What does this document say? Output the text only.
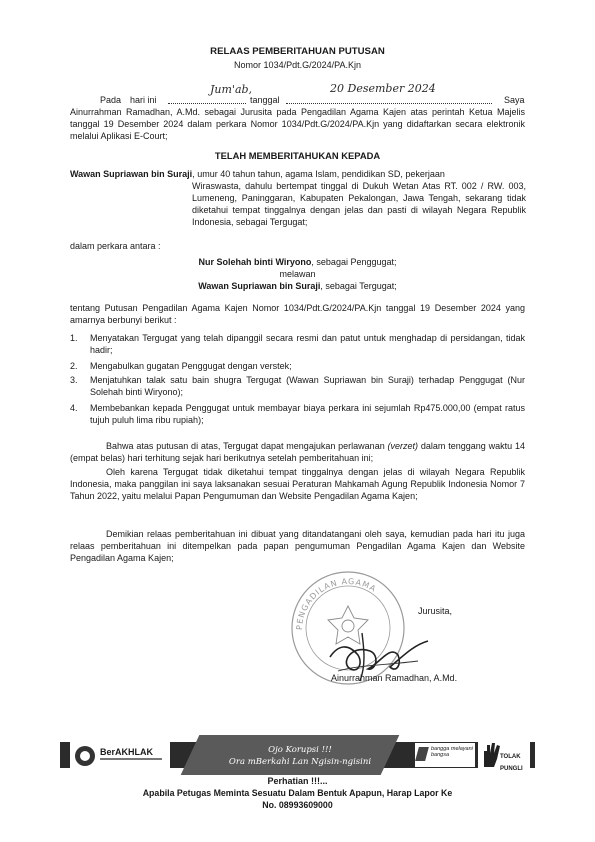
RELAAS PEMBERITAHUAN PUTUSAN
Nomor 1034/Pdt.G/2024/PA.Kjn
Pada hari ini
Jum'ab,
tanggal
20 Desember 2024
Saya
Ainurrahman Ramadhan, A.Md. sebagai Jurusita pada Pengadilan Agama Kajen atas perintah Ketua Majelis tanggal 19 Desember 2024 dalam perkara Nomor 1034/Pdt.G/2024/PA.Kjn yang didaftarkan secara elektronik melalui Aplikasi E-Court;
TELAH MEMBERITAHUKAN KEPADA
Wawan Supriawan bin Suraji, umur 40 tahun tahun, agama Islam, pendidikan SD, pekerjaan
Wiraswasta, dahulu bertempat tinggal di Dukuh Wetan Atas RT. 002 / RW. 003, Lumeneng, Paninggaran, Kabupaten Pekalongan, Jawa Tengah, sekarang tidak diketahui tempat tinggalnya dengan jelas dan pasti di wilayah Negara Republik Indonesia, sebagai Tergugat;
dalam perkara antara :
Nur Solehah binti Wiryono, sebagai Penggugat;
melawan
Wawan Supriawan bin Suraji, sebagai Tergugat;
tentang Putusan Pengadilan Agama Kajen Nomor 1034/Pdt.G/2024/PA.Kjn tanggal 19 Desember 2024 yang amarnya berbunyi berikut :
1. Menyatakan Tergugat yang telah dipanggil secara resmi dan patut untuk menghadap di persidangan, tidak hadir;
2. Mengabulkan gugatan Penggugat dengan verstek;
3. Menjatuhkan talak satu bain shugra Tergugat (Wawan Supriawan bin Suraji) terhadap Penggugat (Nur Solehah binti Wiryono);
4. Membebankan kepada Penggugat untuk membayar biaya perkara ini sejumlah Rp475.000,00 (empat ratus tujuh puluh lima ribu rupiah);
Bahwa atas putusan di atas, Tergugat dapat mengajukan perlawanan (verzet) dalam tenggang waktu 14 (empat belas) hari terhitung sejak hari berikutnya setelah pemberitahuan ini;
Oleh karena Tergugat tidak diketahui tempat tinggalnya dengan jelas di wilayah Negara Republik Indonesia, maka panggilan ini saya laksanakan sesuai Peraturan Mahkamah Agung Republik Indonesia Nomor 7 Tahun 2022, yaitu melalui Papan Pengumuman dan Website Pengadilan Agama Kajen;
Demikian relaas pemberitahuan ini dibuat yang ditandatangani oleh saya, kemudian pada hari itu juga relaas pemberitahuan ini ditempelkan pada papan pengumuman Pengadilan Agama Kajen dan Website Pengadilan Agama Kajen;
PENGADILAN AGAMA
Jurusita,
Ainurrahman Ramadhan, A.Md.
Ojo Korupsi !!!
Ora mBerkahi Lan Ngisin-ngisini
BerAKHLAK	bangga melayani bangsa	TOLAK PUNGLI
Perhatian !!!...
Apabila Petugas Meminta Sesuatu Dalam Bentuk Apapun, Harap Lapor Ke
No. 08993609000
